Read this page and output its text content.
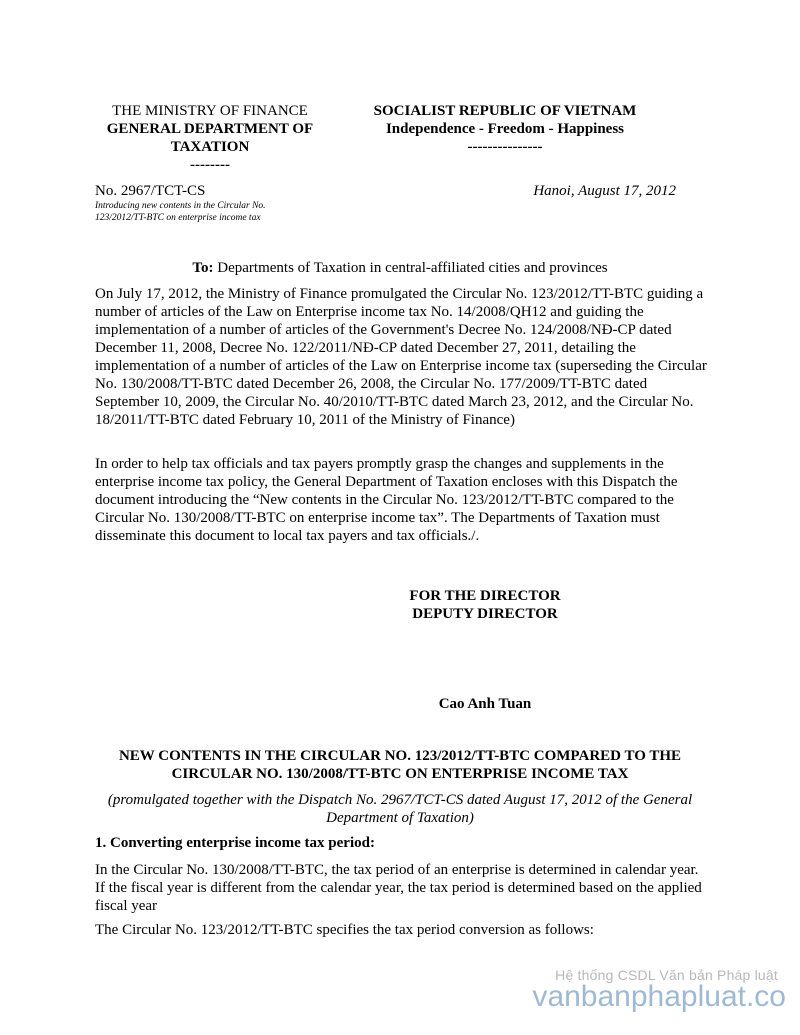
THE MINISTRY OF FINANCE
GENERAL DEPARTMENT OF
TAXATION
--------
SOCIALIST REPUBLIC OF VIETNAM
Independence - Freedom - Happiness
---------------
No. 2967/TCT-CS
Introducing new contents in the Circular No. 123/2012/TT-BTC on enterprise income tax
Hanoi, August 17, 2012
To: Departments of Taxation in central-affiliated cities and provinces

On July 17, 2012, the Ministry of Finance promulgated the Circular No. 123/2012/TT-BTC guiding a number of articles of the Law on Enterprise income tax No. 14/2008/QH12 and guiding the implementation of a number of articles of the Government's Decree No. 124/2008/NĐ-CP dated December 11, 2008, Decree No. 122/2011/NĐ-CP dated December 27, 2011, detailing the implementation of a number of articles of the Law on Enterprise income tax (superseding the Circular No. 130/2008/TT-BTC dated December 26, 2008, the Circular No. 177/2009/TT-BTC dated September 10, 2009, the Circular No. 40/2010/TT-BTC dated March 23, 2012, and the Circular No. 18/2011/TT-BTC dated February 10, 2011 of the Ministry of Finance)

In order to help tax officials and tax payers promptly grasp the changes and supplements in the enterprise income tax policy, the General Department of Taxation encloses with this Dispatch the document introducing the “New contents in the Circular No. 123/2012/TT-BTC compared to the Circular No. 130/2008/TT-BTC on enterprise income tax”. The Departments of Taxation must disseminate this document to local tax payers and tax officials./.

FOR THE DIRECTOR
DEPUTY DIRECTOR
Cao Anh Tuan
NEW CONTENTS IN THE CIRCULAR NO. 123/2012/TT-BTC COMPARED TO THE CIRCULAR NO. 130/2008/TT-BTC ON ENTERPRISE INCOME TAX
(promulgated together with the Dispatch No. 2967/TCT-CS dated August 17, 2012 of the General Department of Taxation)
1. Converting enterprise income tax period:

In the Circular No. 130/2008/TT-BTC, the tax period of an enterprise is determined in calendar year. If the fiscal year is different from the calendar year, the tax period is determined based on the applied fiscal year

The Circular No. 123/2012/TT-BTC specifies the tax period conversion as follows:

Hệ thống CSDL Văn bản Pháp luật
vanbanphapluat.co
